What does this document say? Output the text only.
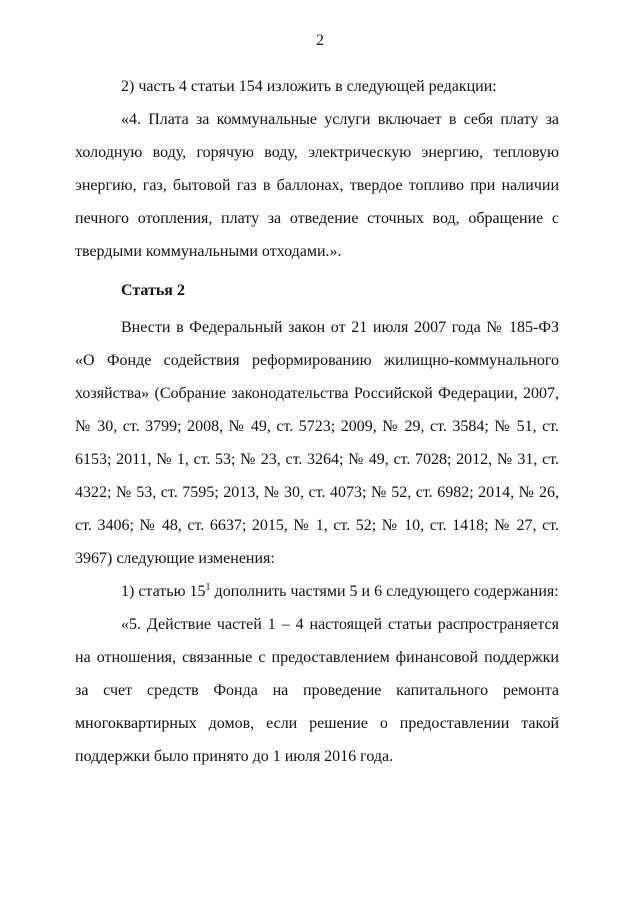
2

2) часть 4 статьи 154 изложить в следующей редакции:

«4. Плата за коммунальные услуги включает в себя плату за холодную воду, горячую воду, электрическую энергию, тепловую энергию, газ, бытовой газ в баллонах, твердое топливо при наличии печного отопления, плату за отведение сточных вод, обращение с твердыми коммунальными отходами.».

Статья 2

Внести в Федеральный закон от 21 июля 2007 года № 185-ФЗ «О Фонде содействия реформированию жилищно-коммунального хозяйства» (Собрание законодательства Российской Федерации, 2007, № 30, ст. 3799; 2008, № 49, ст. 5723; 2009, № 29, ст. 3584; № 51, ст. 6153; 2011, № 1, ст. 53; № 23, ст. 3264; № 49, ст. 7028; 2012, № 31, ст. 4322; № 53, ст. 7595; 2013, № 30, ст. 4073; № 52, ст. 6982; 2014, № 26, ст. 3406; № 48, ст. 6637; 2015, № 1, ст. 52; № 10, ст. 1418; № 27, ст. 3967) следующие изменения:

1) статью $15^1$ дополнить частями 5 и 6 следующего содержания:

«5. Действие частей 1 – 4 настоящей статьи распространяется на отношения, связанные с предоставлением финансовой поддержки за счет средств Фонда на проведение капитального ремонта многоквартирных домов, если решение о предоставлении такой поддержки было принято до 1 июля 2016 года.
